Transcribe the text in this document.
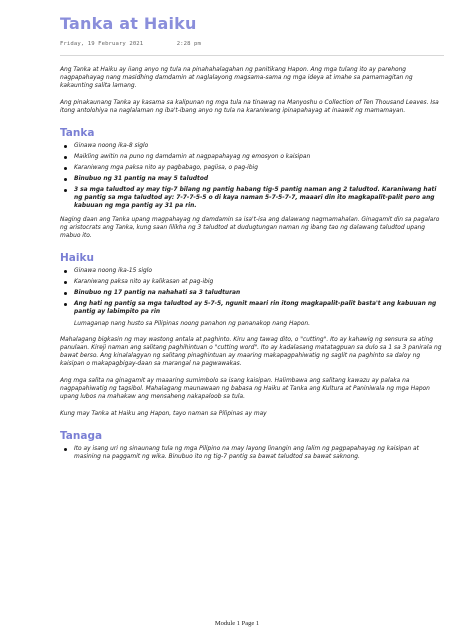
Tanka at Haiku
Friday, 19 February 2021	2:28 pm

Ang Tanka at Haiku ay iiang anyo ng tula na pinahahalagahan ng panitikang Hapon. Ang mga tulang ito ay parehong nagpapahayag nang masidhing damdamin at naglalayong magsama-sama ng mga ideya at imahe sa pamamagitan ng kakaunting salita lamang.

Ang pinakaunang Tanka ay kasama sa kalipunan ng mga tula na tinawag na Manyoshu o Collection of Ten Thousand Leaves. Isa itong antolohiya na naglalaman ng iba't-ibang anyo ng tula na karaniwang ipinapahayag at inaawit ng mamamayan.

Tanka
Ginawa noong ika-8 siglo
Maikling awitin na puno ng damdamin at nagpapahayag ng emosyon o kaisipan
Karaniwang mga paksa nito ay pagbabago, pagiisa, o pag-ibig
Binubuo ng 31 pantig na may 5 taludtod
3 sa mga taludtod ay may tig-7 bilang ng pantig habang tig-5 pantig naman ang 2 taludtod. Karaniwang hati ng pantig sa mga taludtod ay: 7-7-7-5-5 o di kaya naman 5-7-5-7-7, maaari din ito magkapalit-palit pero ang kabuuan ng mga pantig ay 31 pa rin.

Naging daan ang Tanka upang magpahayag ng damdamin sa isa't-isa ang dalawang nagmamahalan. Ginagamit din sa pagalaro ng aristocrats ang Tanka, kung saan lilikha ng 3 taludtod at dudugtungan naman ng ibang tao ng dalawang taludtod upang mabuo ito.

Haiku
Ginawa noong ika-15 siglo
Karaniwang paksa nito ay kalikasan at pag-ibig
Binubuo ng 17 pantig na nahahati sa 3 taludturan
Ang hati ng pantig sa mga taludtod ay 5-7-5, ngunit maari rin itong magkapalit-palit basta't ang kabuuan ng pantig ay labimpito pa rin
Lumaganap nang husto sa Pilipinas noong panahon ng pananakop nang Hapon.

Mahalagang bigkasin ng may wastong antala at paghinto. Kiru ang tawag dito, o "cutting". Ito ay kahawig ng sensura sa ating panulaan. Kireji naman ang salitang paghihintuan o "cutting word". Ito ay kadalasang matatagpuan sa dulo sa 1 sa 3 panirala ng bawat berso. Ang kinalalagyan ng salitang pinaghintuan ay maaring makapagpahiwatig ng saglit na paghinto sa daloy ng kaisipan o makapagbigay-daan sa marangal na pagwawakas.

Ang mga salita na ginagamit ay maaaring sumimbolo sa isang kaisipan. Halimbawa ang salitang kawazu ay palaka na nagpapahiwatig ng tagsibol. Mahalagang maunawaan ng babasa ng Haiku at Tanka ang Kultura at Paniniwala ng mga Hapon upang lubos na mahakaw ang mensaheng nakapaloob sa tula.

Kung may Tanka at Haiku ang Hapon, tayo naman sa Pilipinas ay may

Tanaga
Ito ay isang uri ng sinaunang tula ng mga Pilipino na may layong linangin ang lalim ng pagpapahayag ng kaisipan at masining na paggamit ng wika. Binubuo ito ng tig-7 pantig sa bawat taludtod sa bawat saknong.
Module 1 Page 1
